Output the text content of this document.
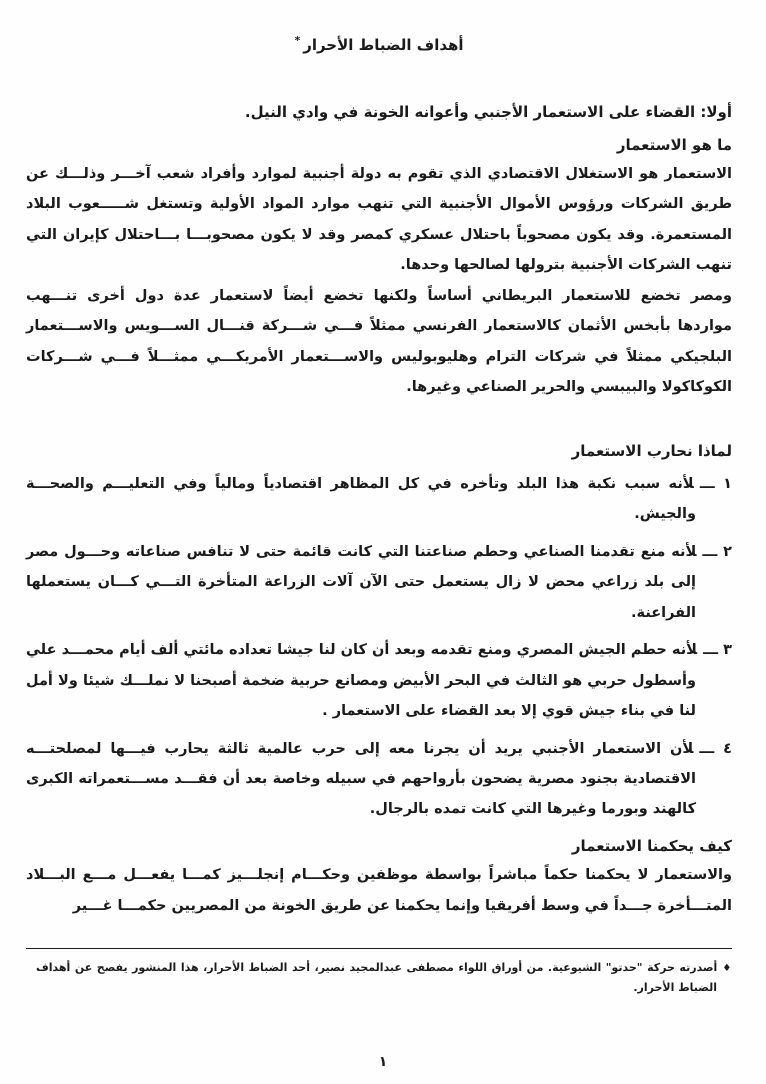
أهداف الضباط الأحرار*
أولا: القضاء على الاستعمار الأجنبي وأعوانه الخونة في وادي النيل.
ما هو الاستعمار

الاستعمار هو الاستغلال الاقتصادي الذي تقوم به دولة أجنبية لموارد وأفراد شعب آخـــر وذلـــك عن طريق الشركات ورؤوس الأموال الأجنبية التي تنهب موارد المواد الأولية وتستغل شـــــعوب البلاد المستعمرة. وقد يكون مصحوباً باحتلال عسكري كمصر وقد لا يكون مصحوبـــا بـــاحتلال كإيران التي تنهب الشركات الأجنبية بترولها لصالحها وحدها.

ومصر تخضع للاستعمار البريطاني أساساً ولكنها تخضع أيضاً لاستعمار عدة دول أخرى تنـــهب مواردها بأبخس الأثمان كالاستعمار الفرنسي ممثلاً فـــي شـــركة قنـــال الســـويس والاســـتعمار البلجيكي ممثلاً في شركات الترام وهليوبوليس والاســـتعمار الأمريكـــي ممثـــلاً فـــي شـــركات الكوكاكولا والبيبسي والحرير الصناعي وغيرها.

لماذا نحارب الاستعمار
١ ـــلأنه سبب نكبة هذا البلد وتأخره في كل المظاهر اقتصادياً ومالياً وفي التعليـــم والصحـــة والجيش.
٢ ـــلأنه منع تقدمنا الصناعي وحطم صناعتنا التي كانت قائمة حتى لا تنافس صناعاته وحـــول مصر إلى بلد زراعي محض لا زال يستعمل حتى الآن آلات الزراعة المتأخرة التـــي كـــان يستعملها الفراعنة.
٣ ـــلأنه حطم الجيش المصري ومنع تقدمه وبعد أن كان لنا جيشا تعداده مائتي ألف أيام محمـــد علي وأسطول حربي هو الثالث في البحر الأبيض ومصانع حربية ضخمة أصبحنا لا نملـــك شيئا ولا أمل لنا في بناء جيش قوي إلا بعد القضاء على الاستعمار .
٤ ـــلأن الاستعمار الأجنبي يريد أن يجرنا معه إلى حرب عالمية ثالثة يحارب فيـــها لمصلحتـــه الاقتصادية بجنود مصرية يضحون بأرواحهم في سبيله وخاصة بعد أن فقـــد مســـتعمراته الكبرى كالهند وبورما وغيرها التي كانت تمده بالرجال.
كيف يحكمنا الاستعمار

والاستعمار لا يحكمنا حكماً مباشراً بواسطة موظفين وحكـــام إنجلـــيز كمـــا يفعـــل مـــع البـــلاد المتـــأخرة جـــداً في وسط أفريقيا وإنما يحكمنا عن طريق الخونة من المصريين حكمـــا غـــير

♦أصدرته حركة "حدتو" الشيوعية. من أوراق اللواء مصطفى عبدالمجيد نصير، أحد الضباط الأحرار، هذا المنشور يفصح عن أهداف الضباط الأحرار.
١
